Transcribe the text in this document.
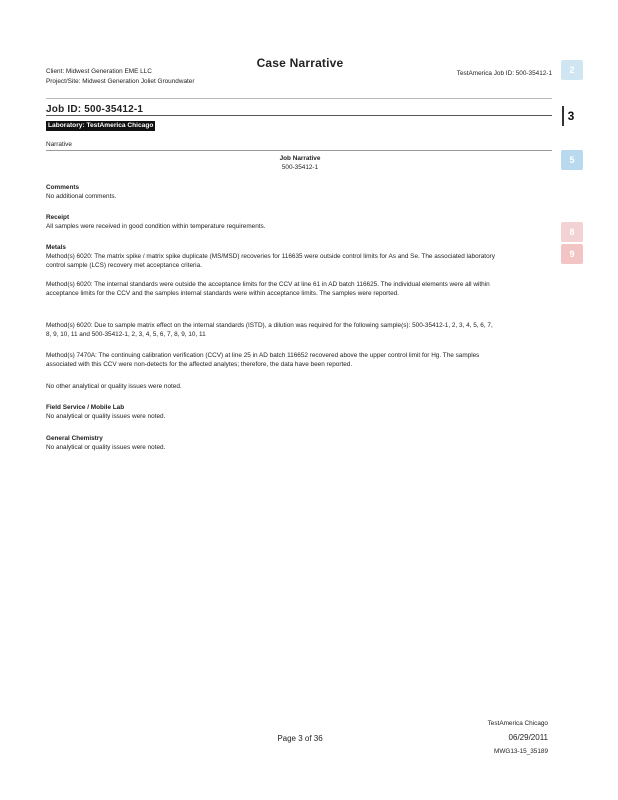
Case Narrative
Client: Midwest Generation EME LLC
Project/Site: Midwest Generation Joliet Groundwater
TestAmerica Job ID: 500-35412-1
Job ID: 500-35412-1
Laboratory: TestAmerica Chicago
Narrative
Job Narrative
500-35412-1
Comments
No additional comments.
Receipt
All samples were received in good condition within temperature requirements.
Metals
Method(s) 6020: The matrix spike / matrix spike duplicate (MS/MSD) recoveries for 116635 were outside control limits for As and Se. The associated laboratory control sample (LCS) recovery met acceptance criteria.
Method(s) 6020: The internal standards were outside the acceptance limits for the CCV at line 61 in AD batch 116625. The individual elements were all within acceptance limits for the CCV and the samples internal standards were within acceptance limits. The samples were reported.
Method(s) 6020: Due to sample matrix effect on the internal standards (ISTD), a dilution was required for the following sample(s): 500-35412-1, 2, 3, 4, 5, 6, 7, 8, 9, 10, 11 and 500-35412-1, 2, 3, 4, 5, 6, 7, 8, 9, 10, 11
Method(s) 7470A: The continuing calibration verification (CCV) at line 25 in AD batch 116652 recovered above the upper control limit for Hg. The samples associated with this CCV were non-detects for the affected analytes; therefore, the data have been reported.
No other analytical or quality issues were noted.
Field Service / Mobile Lab
No analytical or quality issues were noted.
General Chemistry
No analytical or quality issues were noted.
2
3
5
8
9
TestAmerica Chicago
Page 3 of 36	06/29/2011
MWG13-15_35189
